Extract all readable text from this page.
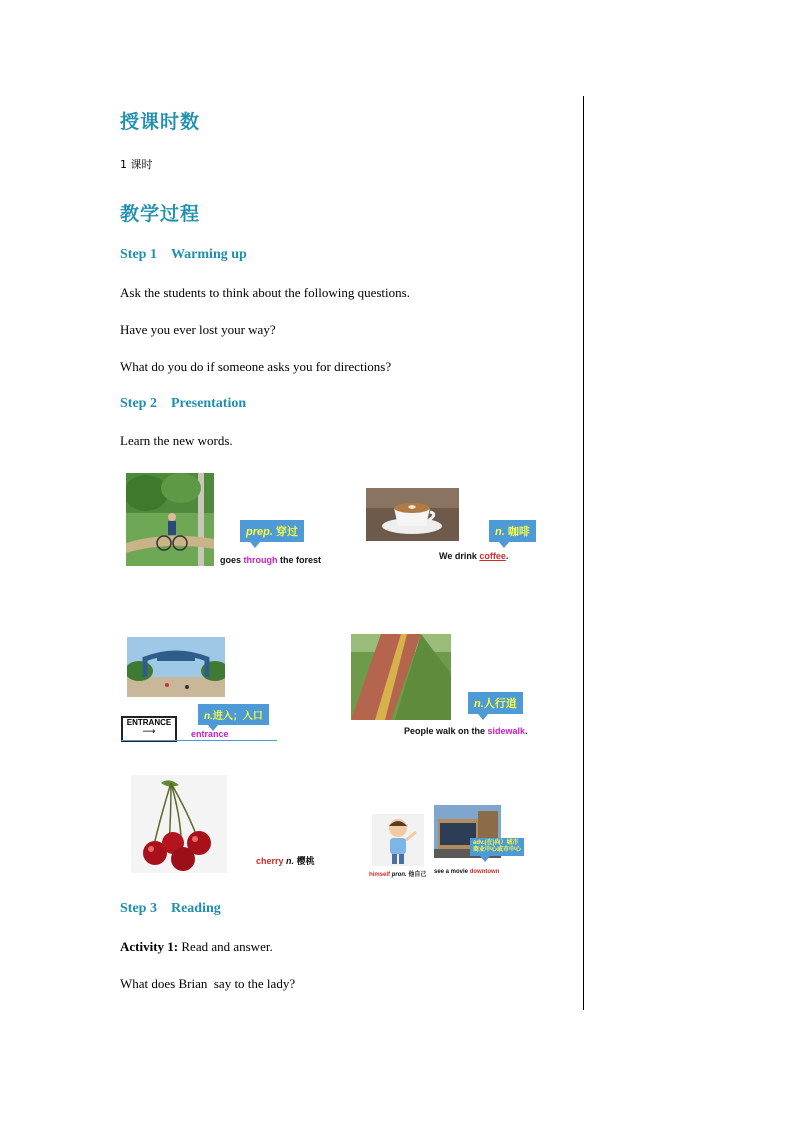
授课时数
1 课时
教学过程
Step 1 Warming up
Ask the students to think about the following questions.
Have you ever lost your way?
What do you do if someone asks you for directions?
Step 2 Presentation
Learn the new words.
prep. 穿过
goes through the forest
n. 咖啡
We drink coffee.
ENTRANCE
⟶
n.进入；入口
entrance
n.人行道
People walk on the sidewalk.
cherry n. 樱桃
himself pron. 他自己
adv.(在)向）城市
商业中心或市中心
see a movie downtown
Step 3 Reading
Activity 1: Read and answer.
What does Brian  say to the lady?
